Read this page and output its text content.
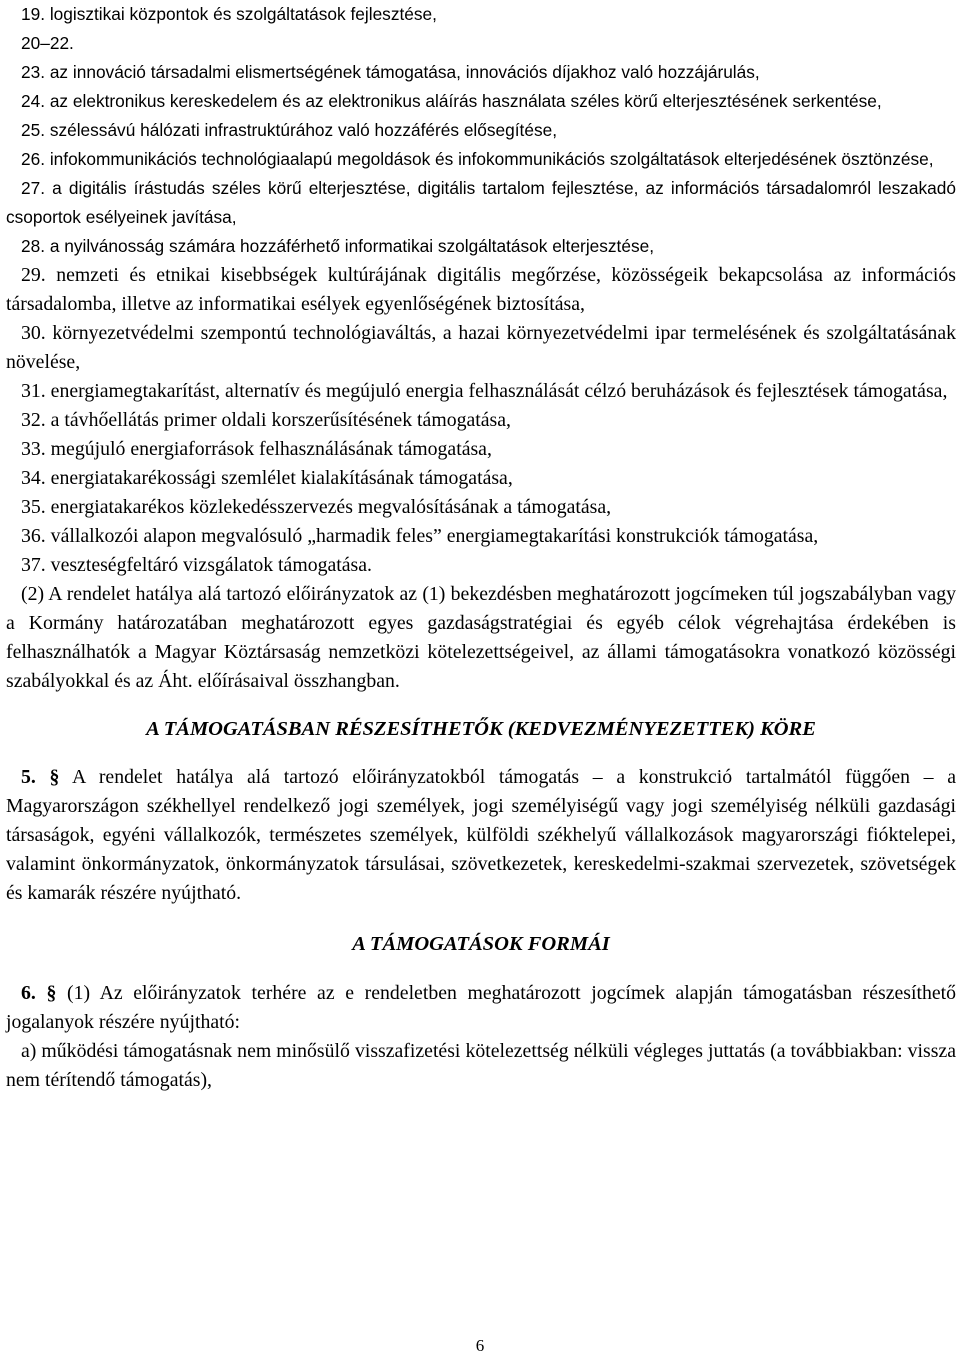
19. logisztikai központok és szolgáltatások fejlesztése,

20–22.

23. az innováció társadalmi elismertségének támogatása, innovációs díjakhoz való hozzájárulás,

24. az elektronikus kereskedelem és az elektronikus aláírás használata széles körű elterjesztésének serkentése,

25. szélessávú hálózati infrastruktúrához való hozzáférés elősegítése,

26. infokommunikációs technológiaalapú megoldások és infokommunikációs szolgáltatások elterjedésének ösztönzése,

27. a digitális írástudás széles körű elterjesztése, digitális tartalom fejlesztése, az információs társadalomról leszakadó csoportok esélyeinek javítása,

28. a nyilvánosság számára hozzáférhető informatikai szolgáltatások elterjesztése,

29. nemzeti és etnikai kisebbségek kultúrájának digitális megőrzése, közösségeik bekapcsolása az információs társadalomba, illetve az informatikai esélyek egyenlőségének biztosítása,

30. környezetvédelmi szempontú technológiaváltás, a hazai környezetvédelmi ipar termelésének és szolgáltatásának növelése,

31. energiamegtakarítást, alternatív és megújuló energia felhasználását célzó beruházások és fejlesztések támogatása,

32. a távhőellátás primer oldali korszerűsítésének támogatása,

33. megújuló energiaforrások felhasználásának támogatása,

34. energiatakarékossági szemlélet kialakításának támogatása,

35. energiatakarékos közlekedésszervezés megvalósításának a támogatása,

36. vállalkozói alapon megvalósuló „harmadik feles” energiamegtakarítási konstrukciók támogatása,

37. veszteségfeltáró vizsgálatok támogatása.

(2) A rendelet hatálya alá tartozó előirányzatok az (1) bekezdésben meghatározott jogcímeken túl jogszabályban vagy a Kormány határozatában meghatározott egyes gazdaságstratégiai és egyéb célok végrehajtása érdekében is felhasználhatók a Magyar Köztársaság nemzetközi kötelezettségeivel, az állami támogatásokra vonatkozó közösségi szabályokkal és az Áht. előírásaival összhangban.

A TÁMOGATÁSBAN RÉSZESÍTHETŐK (KEDVEZMÉNYEZETTEK) KÖRE

5. § A rendelet hatálya alá tartozó előirányzatokból támogatás – a konstrukció tartalmától függően – a Magyarországon székhellyel rendelkező jogi személyek, jogi személyiségű vagy jogi személyiség nélküli gazdasági társaságok, egyéni vállalkozók, természetes személyek, külföldi székhelyű vállalkozások magyarországi fióktelepei, valamint önkormányzatok, önkormányzatok társulásai, szövetkezetek, kereskedelmi-szakmai szervezetek, szövetségek és kamarák részére nyújtható.

A TÁMOGATÁSOK FORMÁI

6. § (1) Az előirányzatok terhére az e rendeletben meghatározott jogcímek alapján támogatásban részesíthető jogalanyok részére nyújtható:

a) működési támogatásnak nem minősülő visszafizetési kötelezettség nélküli végleges juttatás (a továbbiakban: vissza nem térítendő támogatás),

6
